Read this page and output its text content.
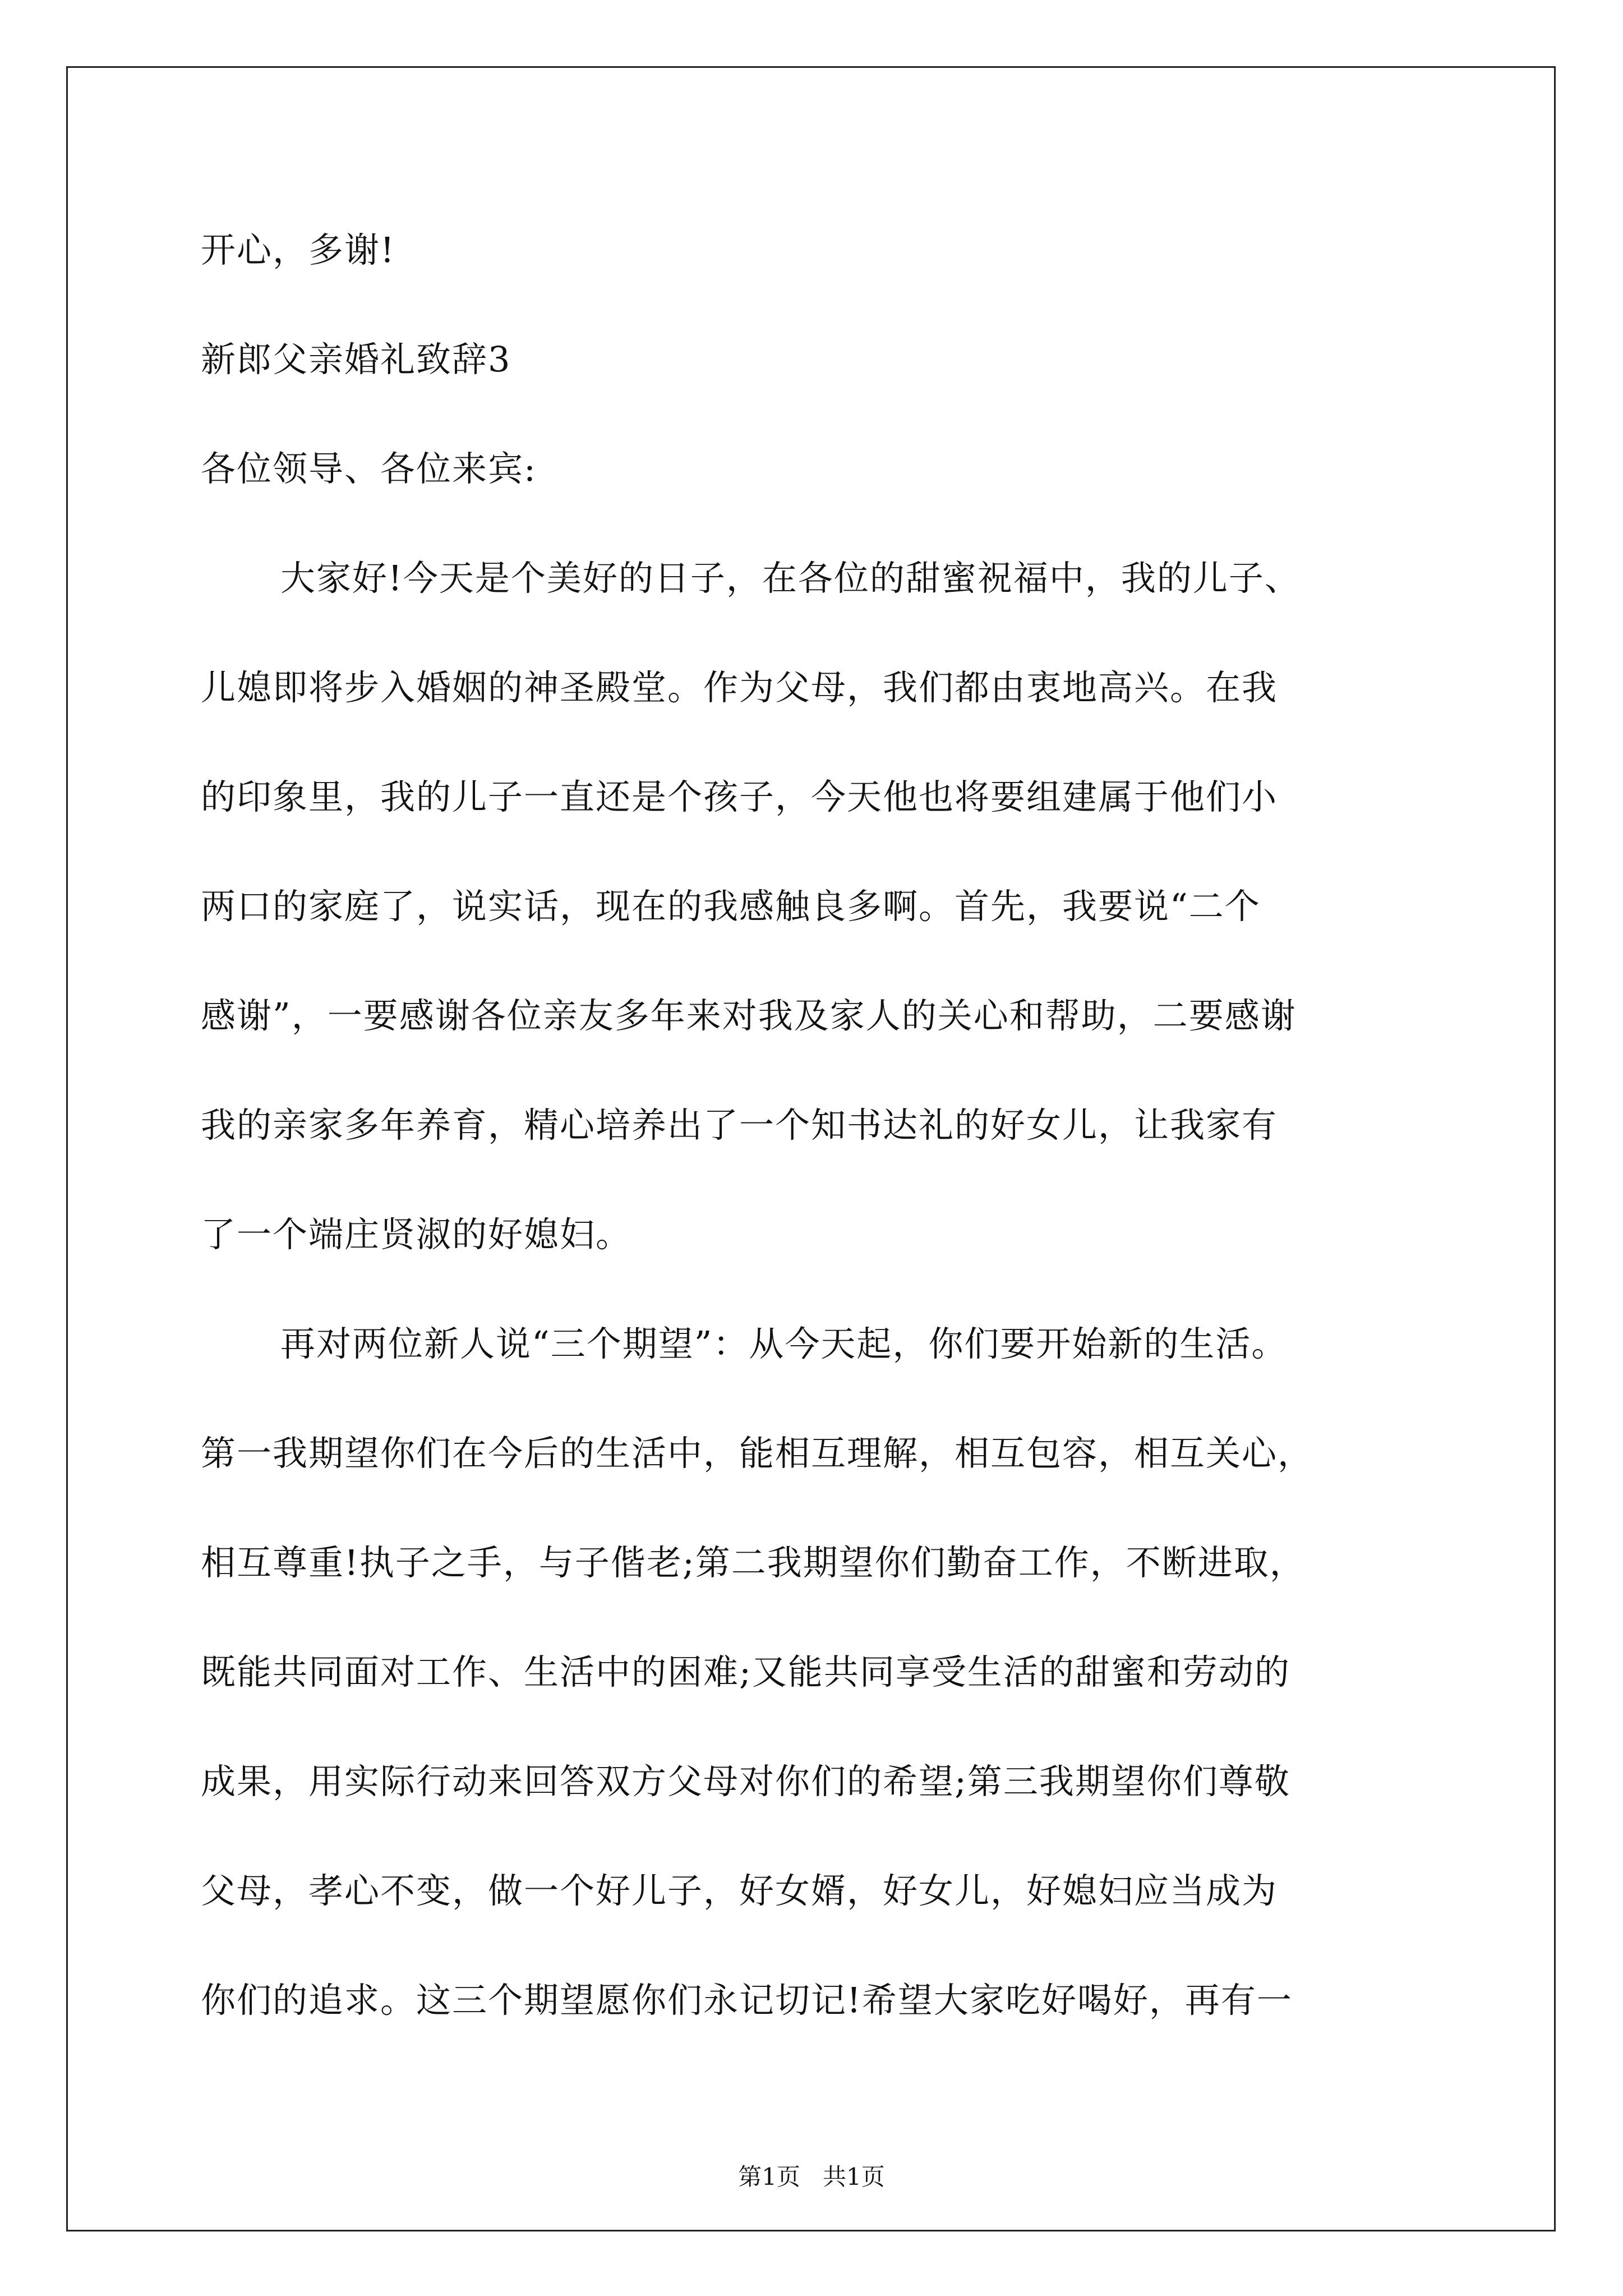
开心，多谢!
新郎父亲婚礼致辞3
各位领导、各位来宾:
大家好!今天是个美好的日子，在各位的甜蜜祝福中，我的儿子、
儿媳即将步入婚姻的神圣殿堂。作为父母，我们都由衷地高兴。在我
的印象里，我的儿子一直还是个孩子，今天他也将要组建属于他们小
两口的家庭了，说实话，现在的我感触良多啊。首先，我要说“二个
感谢”，一要感谢各位亲友多年来对我及家人的关心和帮助，二要感谢
我的亲家多年养育，精心培养出了一个知书达礼的好女儿，让我家有
了一个端庄贤淑的好媳妇。
再对两位新人说“三个期望”：从今天起，你们要开始新的生活。
第一我期望你们在今后的生活中，能相互理解，相互包容，相互关心，
相互尊重!执子之手，与子偕老;第二我期望你们勤奋工作，不断进取，
既能共同面对工作、生活中的困难;又能共同享受生活的甜蜜和劳动的
成果，用实际行动来回答双方父母对你们的希望;第三我期望你们尊敬
父母，孝心不变，做一个好儿子，好女婿，好女儿，好媳妇应当成为
你们的追求。这三个期望愿你们永记切记!希望大家吃好喝好，再有一
第1页   共1页
